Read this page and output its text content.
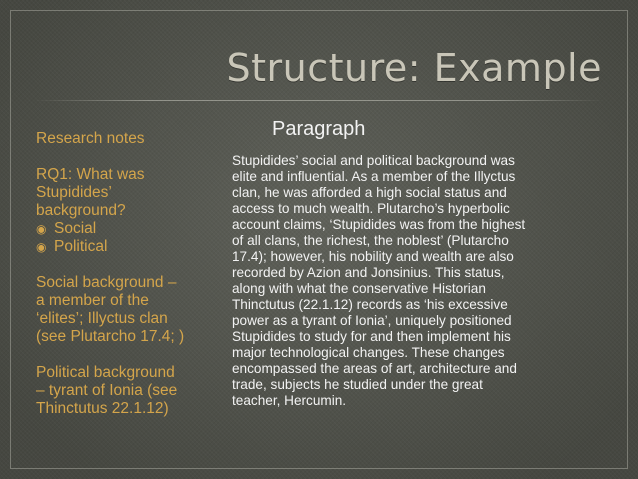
Structure: Example
Research notes
RQ1: What was
Stupidides’
background?
◉ Social
◉ Political
Social background –
a member of the
‘elites’; Illyctus clan
(see Plutarcho 17.4; )
Political background
– tyrant of Ionia (see
Thinctutus 22.1.12)
Paragraph
Stupidides’ social and political background was
elite and influential. As a member of the Illyctus
clan, he was afforded a high social status and
access to much wealth. Plutarcho’s hyperbolic
account claims, ‘Stupidides was from the highest
of all clans, the richest, the noblest’ (Plutarcho
17.4); however, his nobility and wealth are also
recorded by Azion and Jonsinius. This status,
along with what the conservative Historian
Thinctutus (22.1.12) records as ‘his excessive
power as a tyrant of Ionia’, uniquely positioned
Stupidides to study for and then implement his
major technological changes. These changes
encompassed the areas of art, architecture and
trade, subjects he studied under the great
teacher, Hercumin.
